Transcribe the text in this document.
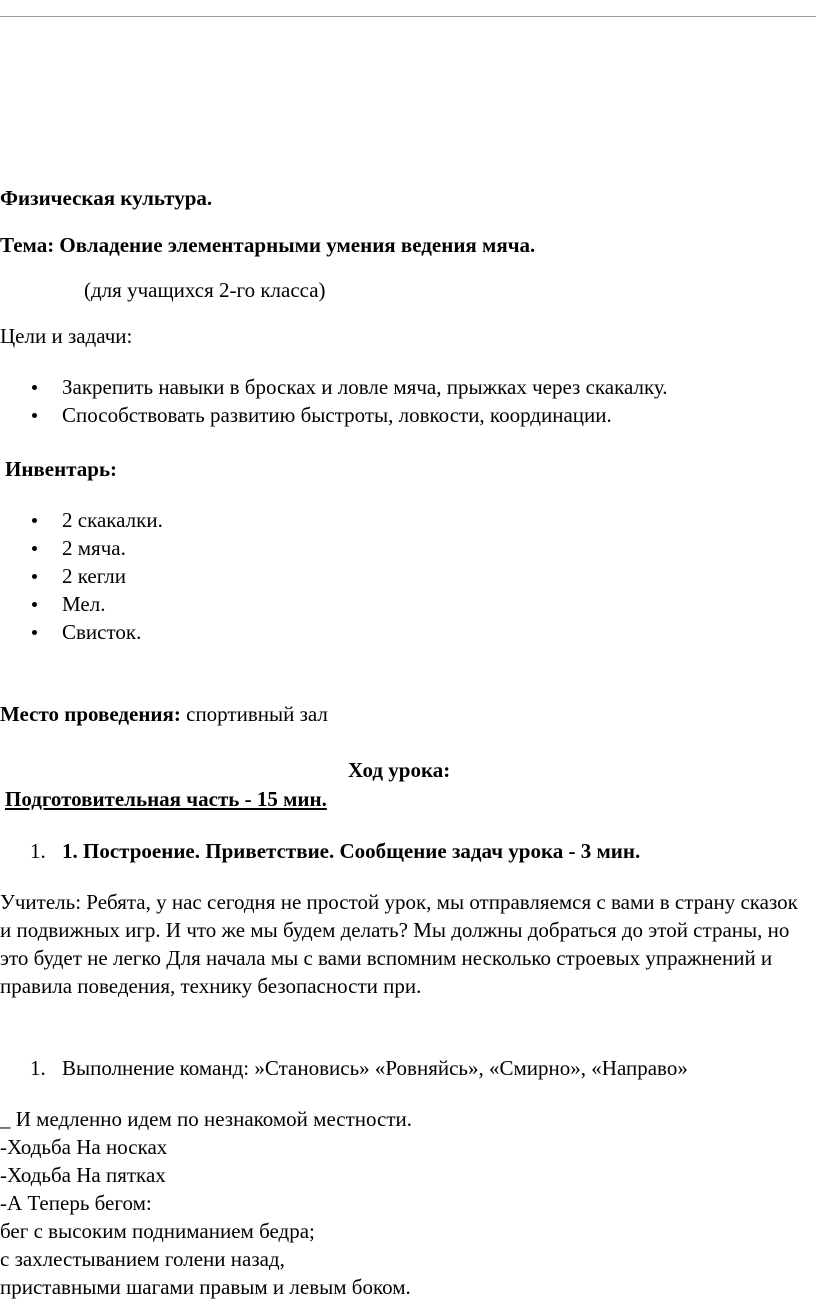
Физическая культура.

Тема: Овладение элементарными умения ведения мяча.

(для учащихся 2-го класса)

Цели и задачи:

Закрепить навыки в бросках и ловле мяча, прыжках через скакалку.
Способствовать развитию быстроты, ловкости, координации.

Инвентарь:

2 скакалки.
2 мяча.
2 кегли
Мел.
Свисток.

Место проведения: спортивный зал

Ход урока:

Подготовительная часть - 15 мин.

1. 1. Построение. Приветствие. Сообщение задач урока - 3 мин.

Учитель: Ребята, у нас сегодня не простой урок, мы отправляемся с вами в страну сказок и подвижных игр. И что же мы будем делать? Мы должны добраться до этой страны, но это будет не легко Для начала мы с вами вспомним несколько строевых упражнений и правила поведения, технику безопасности при.

1. Выполнение команд: »Становись» «Ровняйсь», «Смирно», «Направо»

_ И медленно идем по незнакомой местности.

-Ходьба На носках

-Ходьба На пятках

-А Теперь бегом:

бег с высоким подниманием бедра;

с захлестыванием голени назад,

приставными шагами правым и левым боком.
